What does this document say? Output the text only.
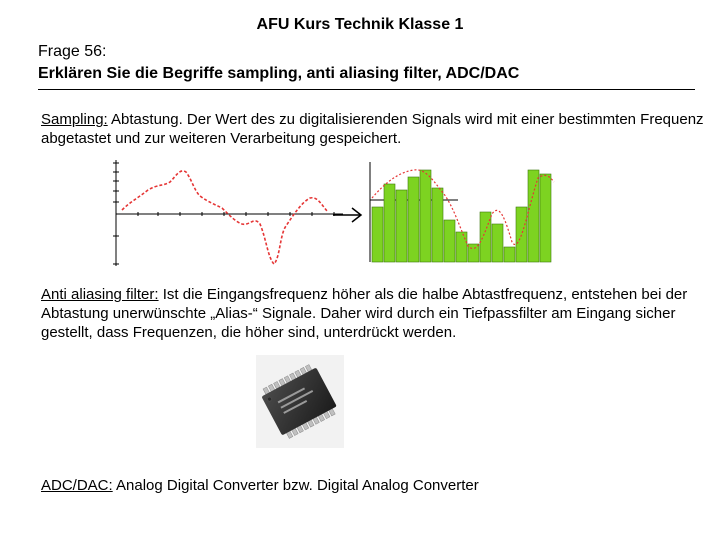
AFU Kurs Technik Klasse 1
Frage 56:
Erklären Sie die Begriffe sampling, anti aliasing filter, ADC/DAC
Sampling: Abtastung. Der Wert des zu digitalisierenden Signals wird mit einer bestimmten Frequenz abgetastet und zur weiteren Verarbeitung gespeichert.
Anti aliasing filter: Ist die Eingangsfrequenz höher als die halbe Abtastfrequenz, entstehen bei der Abtastung unerwünschte „Alias-“ Signale. Daher wird durch ein Tiefpassfilter am Eingang sicher gestellt, dass Frequenzen, die höher sind, unterdrückt werden.
ADC/DAC: Analog Digital Converter bzw. Digital Analog Converter
